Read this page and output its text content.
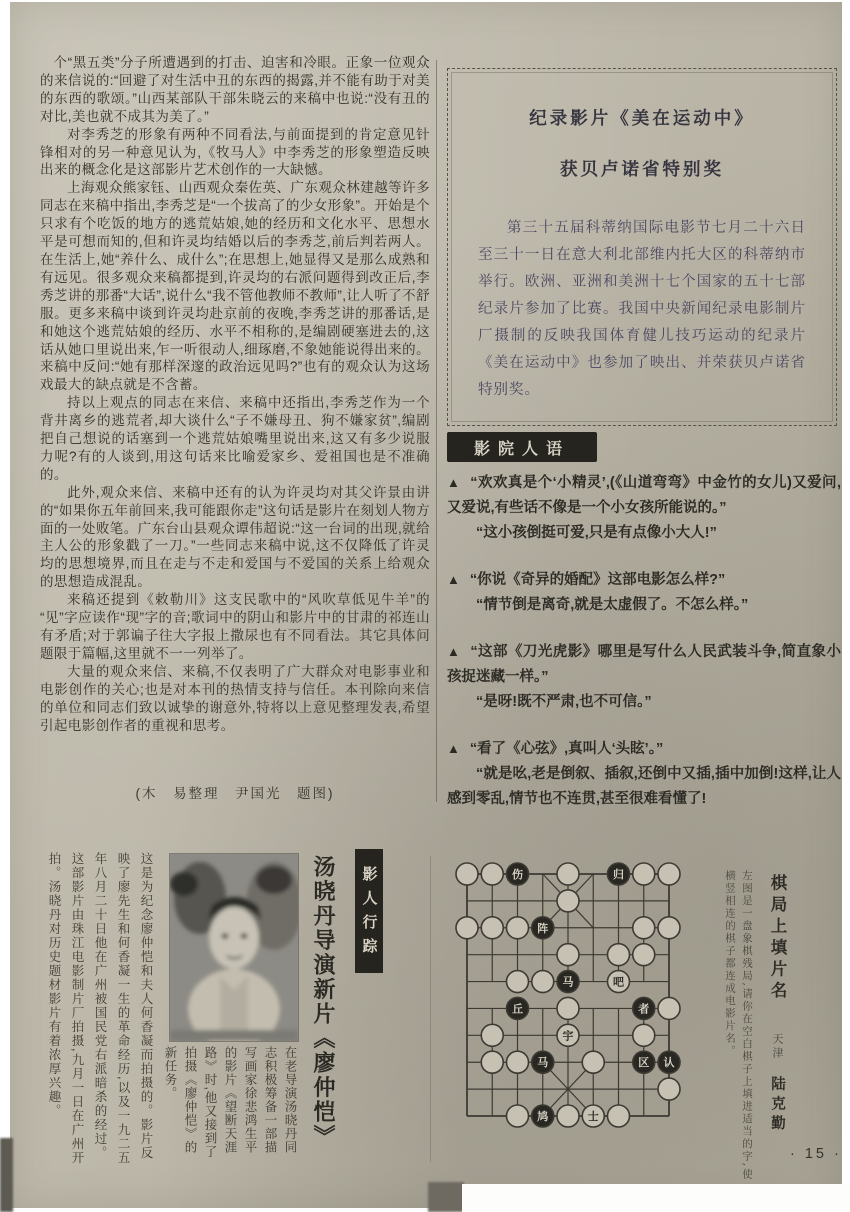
个“黑五类”分子所遭遇到的打击、迫害和冷眼。正象一位观众的来信说的:“回避了对生活中丑的东西的揭露,并不能有助于对美的东西的歌颂。”山西某部队干部朱晓云的来稿中也说:“没有丑的对比,美也就不成其为美了。”

对李秀芝的形象有两种不同看法,与前面提到的肯定意见针锋相对的另一种意见认为,《牧马人》中李秀芝的形象塑造反映出来的概念化是这部影片艺术创作的一大缺憾。

上海观众熊家钰、山西观众秦佐英、广东观众林建越等许多同志在来稿中指出,李秀芝是“一个拔高了的少女形象”。开始是个只求有个吃饭的地方的逃荒姑娘,她的经历和文化水平、思想水平是可想而知的,但和许灵均结婚以后的李秀芝,前后判若两人。在生活上,她“养什么、成什么”;在思想上,她显得又是那么成熟和有远见。很多观众来稿都提到,许灵均的右派问题得到改正后,李秀芝讲的那番“大话”,说什么“我不管他教师不教师”,让人听了不舒服。更多来稿中谈到许灵均赴京前的夜晚,李秀芝讲的那番话,是和她这个逃荒姑娘的经历、水平不相称的,是编剧硬塞进去的,这话从她口里说出来,乍一听很动人,细琢磨,不象她能说得出来的。来稿中反问:“她有那样深邃的政治远见吗?”也有的观众认为这场戏最大的缺点就是不含蓄。

持以上观点的同志在来信、来稿中还指出,李秀芝作为一个背井离乡的逃荒者,却大谈什么“子不嫌母丑、狗不嫌家贫”,编剧把自己想说的话塞到一个逃荒姑娘嘴里说出来,这又有多少说服力呢?有的人谈到,用这句话来比喻爱家乡、爱祖国也是不准确的。

此外,观众来信、来稿中还有的认为许灵均对其父许景由讲的“如果你五年前回来,我可能跟你走”这句话是影片在刻划人物方面的一处败笔。广东台山县观众谭伟超说:“这一台词的出现,就给主人公的形象戳了一刀。”一些同志来稿中说,这不仅降低了许灵均的思想境界,而且在走与不走和爱国与不爱国的关系上给观众的思想造成混乱。

来稿还提到《敕勒川》这支民歌中的“风吹草低见牛羊”的“见”字应读作“现”字的音;歌词中的阴山和影片中的甘肃的祁连山有矛盾;对于郭谝子往大字报上撒尿也有不同看法。其它具体问题限于篇幅,这里就不一一列举了。

大量的观众来信、来稿,不仅表明了广大群众对电影事业和电影创作的关心;也是对本刊的热情支持与信任。本刊除向来信的单位和同志们致以诚挚的谢意外,特将以上意见整理发表,希望引起电影创作者的重视和思考。

(木　易整理　尹国光　题图)

纪录影片《美在运动中》

获贝卢诺省特别奖

第三十五届科蒂纳国际电影节七月二十六日至三十一日在意大利北部维内托大区的科蒂纳市举行。欧洲、亚洲和美洲十七个国家的五十七部纪录片参加了比赛。我国中央新闻纪录电影制片厂摄制的反映我国体育健儿技巧运动的纪录片《美在运动中》也参加了映出、并荣获贝卢诺省特别奖。

影院人语

▲ “欢欢真是个‘小精灵’,(《山道弯弯》中金竹的女儿)又爱问,又爱说,有些话不像是一个小女孩所能说的。”

“这小孩倒挺可爱,只是有点像小大人!”

▲ “你说《奇异的婚配》这部电影怎么样?”

“情节倒是离奇,就是太虚假了。不怎么样。”

▲ “这部《刀光虎影》哪里是写什么人民武装斗争,简直象小孩捉迷藏一样。”

“是呀!既不严肃,也不可信。”

▲ “看了《心弦》,真叫人‘头眩’。”

“就是吆,老是倒叙、插叙,还倒中又插,插中加倒!这样,让人感到零乱,情节也不连贯,甚至很难看懂了!

影人行踪
汤晓丹导演新片《廖仲恺》
在老导演汤晓丹同志积极筹备一部描写画家徐悲鸿生平的影片《望断天涯路》时,他又接到了拍摄《廖仲恺》的新任务。
这是为纪念廖仲恺和夫人何香凝而拍摄的。影片反映了廖先生和何香凝一生的革命经历,以及一九二五年八月二十日他在广州被国民党右派暗杀的经过。这部影片由珠江电影制片厂拍摄,九月一日在广州开拍。汤晓丹对历史题材影片有着浓厚兴趣。	伤	归
阵
马	吧
丘	者
宇
马	区 认
鸠	士	左图是一盘象棋残局,请你在空白棋子上填进适当的字,使横竖相连的棋子都连成电影片名。	棋局上填片名 天津 陆克勤
· 15 ·
